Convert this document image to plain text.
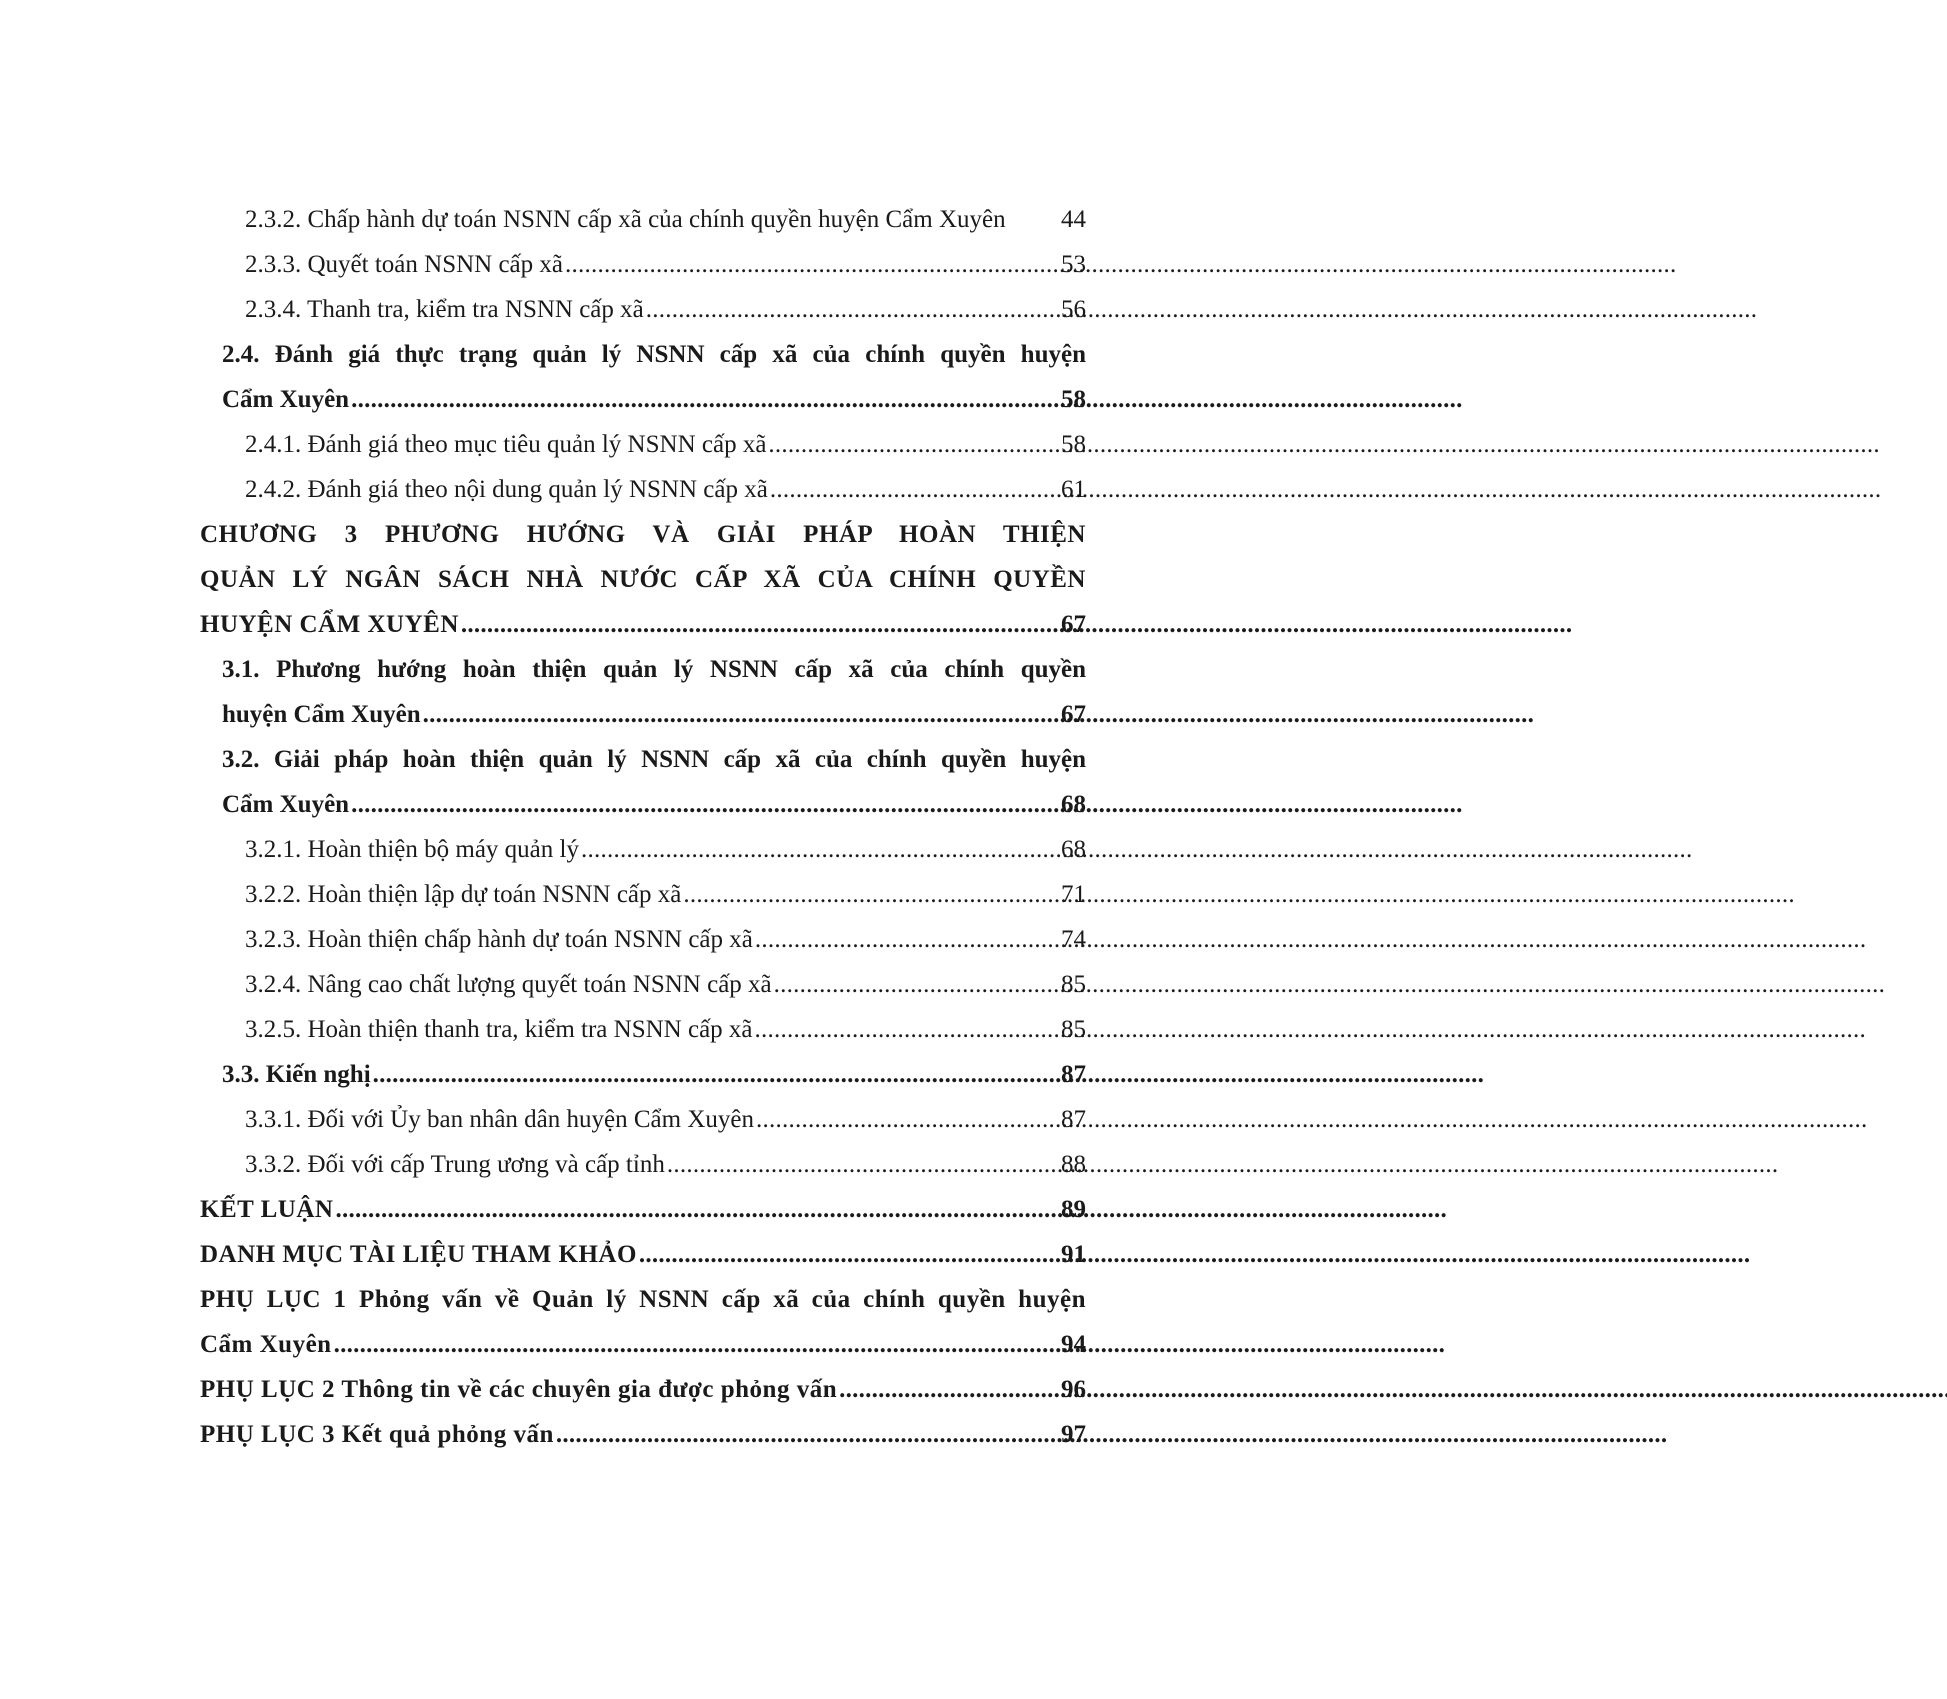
2.3.2. Chấp hành dự toán NSNN cấp xã của chính quyền huyện Cẩm Xuyên	44
2.3.3. Quyết toán NSNN cấp xã . . .	53
2.3.4. Thanh tra, kiểm tra NSNN cấp xã . . .	56
2.4. Đánh giá thực trạng quản lý NSNN cấp xã của chính quyền huyện
Cẩm Xuyên . . .	58
2.4.1. Đánh giá theo mục tiêu quản lý NSNN cấp xã . . .	58
2.4.2. Đánh giá theo nội dung quản lý NSNN cấp xã . . .	61
CHƯƠNG 3 PHƯƠNG HƯỚNG VÀ GIẢI PHÁP HOÀN THIỆN
QUẢN LÝ NGÂN SÁCH NHÀ NƯỚC CẤP XÃ CỦA CHÍNH QUYỀN
HUYỆN CẨM XUYÊN . . .	67
3.1. Phương hướng hoàn thiện quản lý NSNN cấp xã của chính quyền
huyện Cẩm Xuyên . . .	67
3.2. Giải pháp hoàn thiện quản lý NSNN cấp xã của chính quyền huyện
Cẩm Xuyên . . .	68
3.2.1. Hoàn thiện bộ máy quản lý . . .	68
3.2.2. Hoàn thiện lập dự toán NSNN cấp xã . . .	71
3.2.3. Hoàn thiện chấp hành dự toán NSNN cấp xã . . .	74
3.2.4. Nâng cao chất lượng quyết toán NSNN cấp xã . . .	85
3.2.5. Hoàn thiện thanh tra, kiểm tra NSNN cấp xã . . .	85
3.3. Kiến nghị . . .	87
3.3.1. Đối với Ủy ban nhân dân huyện Cẩm Xuyên . . .	87
3.3.2. Đối với cấp Trung ương và cấp tỉnh . . .	88
KẾT LUẬN . . .	89
DANH MỤC TÀI LIỆU THAM KHẢO . . .	91
PHỤ LỤC 1 Phỏng vấn về Quản lý NSNN cấp xã của chính quyền huyện
Cẩm Xuyên . . .	94
PHỤ LỤC 2 Thông tin về các chuyên gia được phỏng vấn . . .	96
PHỤ LỤC 3 Kết quả phỏng vấn . . .	97
